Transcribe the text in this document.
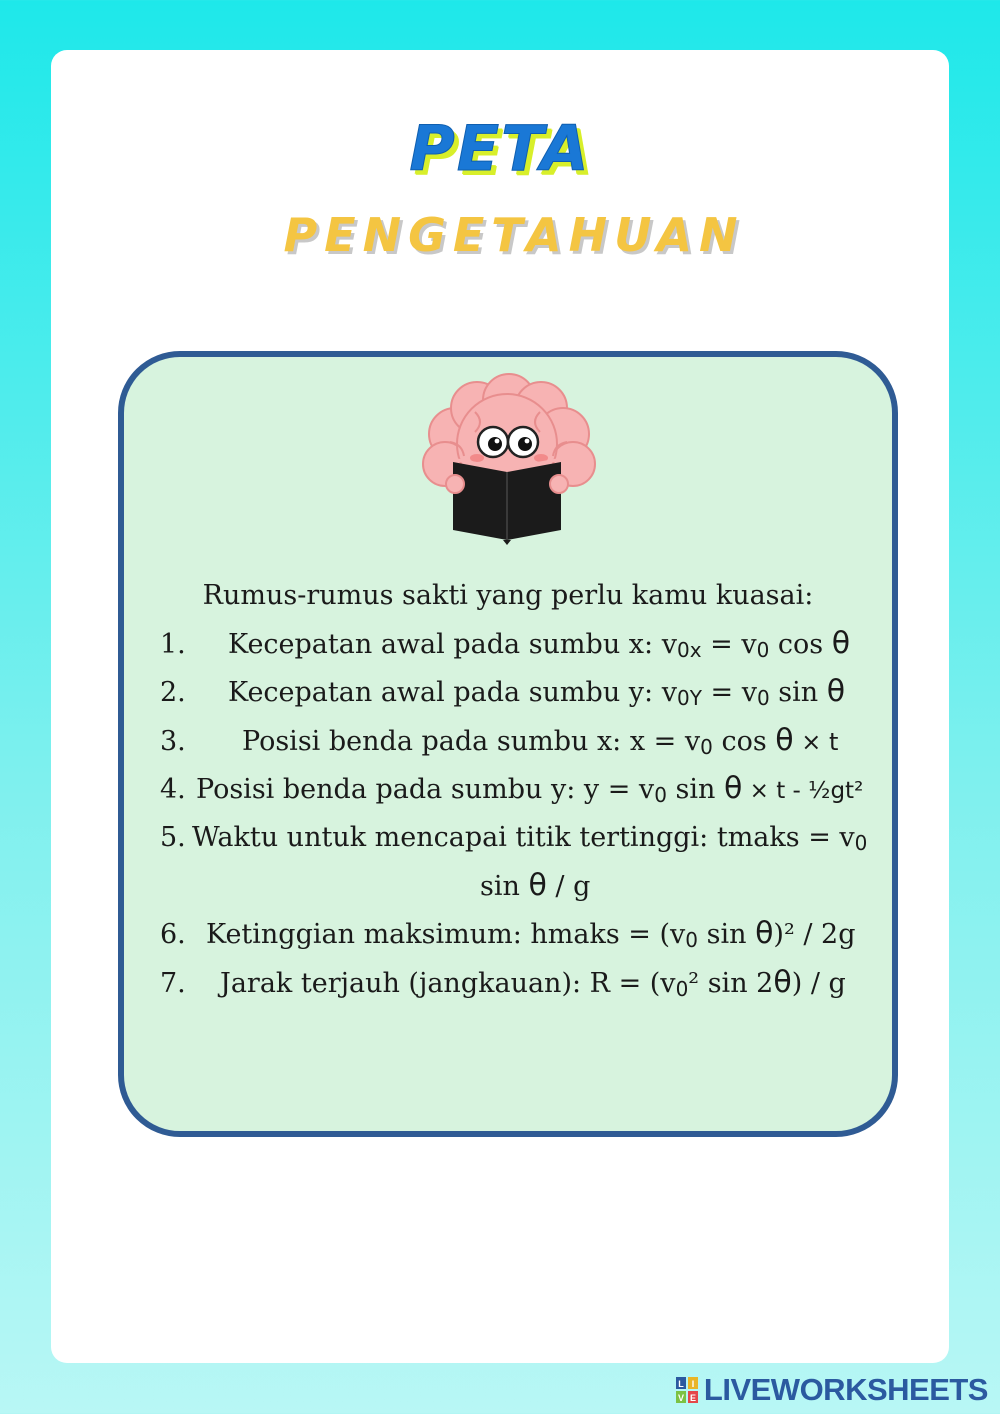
PETA
PENGETAHUAN
Rumus-rumus sakti yang perlu kamu kuasai:
1. Kecepatan awal pada sumbu x: v0x = v0 cos θ
2. Kecepatan awal pada sumbu y: v0Y = v0 sin θ
3. Posisi benda pada sumbu x: x = v0 cos θ × t
4. Posisi benda pada sumbu y: y = v0 sin θ × t - ½gt²
5. Waktu untuk mencapai titik tertinggi: tmaks = v0
sin θ / g
6. Ketinggian maksimum: hmaks = (v0 sin θ)² / 2g
7. Jarak terjauh (jangkauan): R = (v0² sin 2θ) / g
L I
V E LIVEWORKSHEETS
